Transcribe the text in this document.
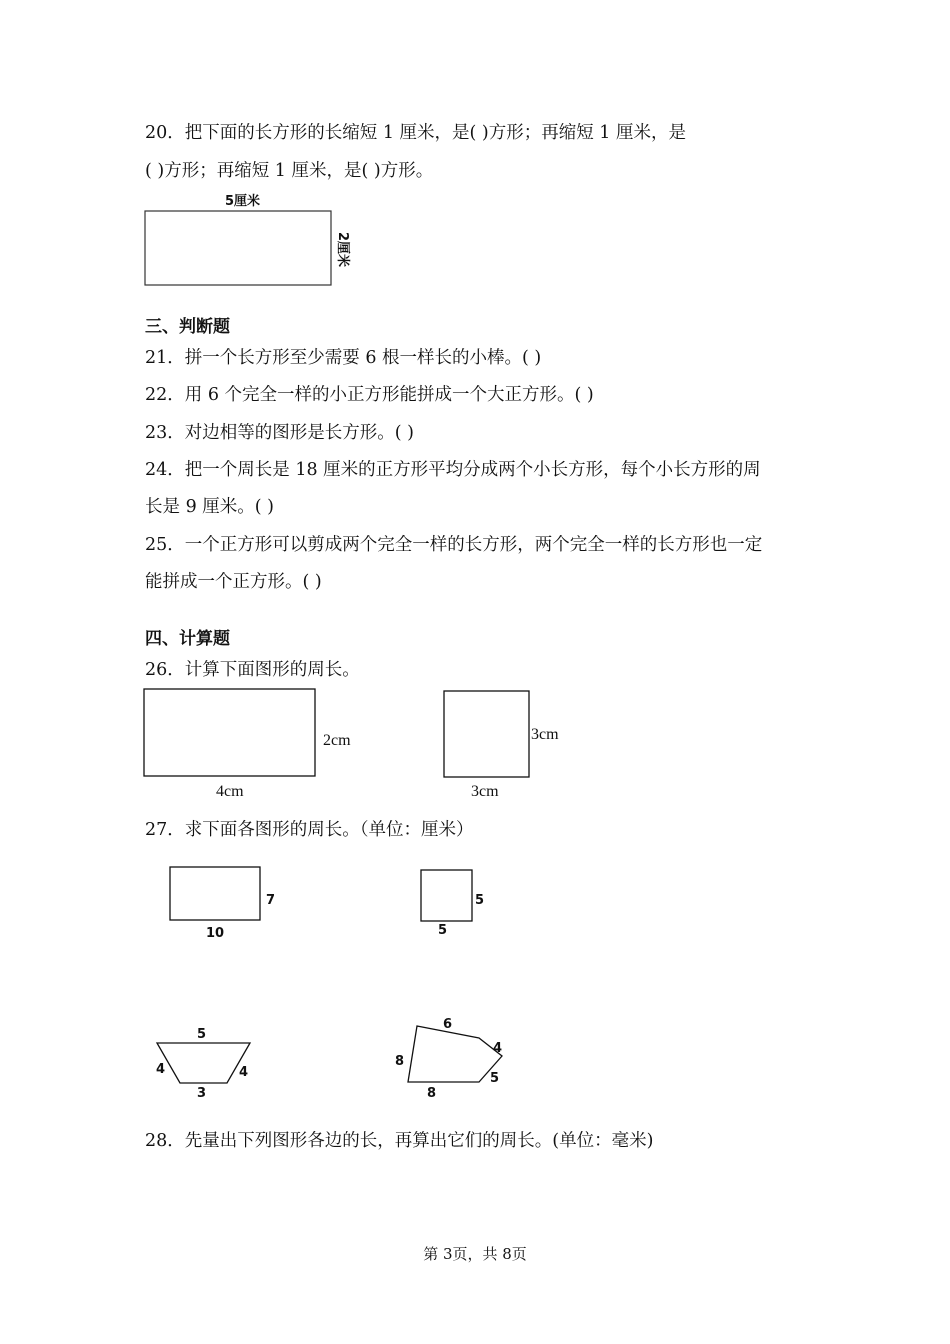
20．把下面的长方形的长缩短 1 厘米，是( )方形；再缩短 1 厘米，是
( )方形；再缩短 1 厘米，是( )方形。
5厘米
2厘米
三、判断题
21．拼一个长方形至少需要 6 根一样长的小棒。( )
22．用 6 个完全一样的小正方形能拼成一个大正方形。( )
23．对边相等的图形是长方形。( )
24．把一个周长是 18 厘米的正方形平均分成两个小长方形，每个小长方形的周
长是 9 厘米。( )
25．一个正方形可以剪成两个完全一样的长方形，两个完全一样的长方形也一定
能拼成一个正方形。( )
四、计算题
26．计算下面图形的周长。
2cm
4cm
3cm
3cm
27．求下面各图形的周长。（单位：厘米）
7
10
5
5
5
4	4
3
6
8
4
5
8
28．先量出下列图形各边的长，再算出它们的周长。(单位：毫米)
第 3页，共 8页
